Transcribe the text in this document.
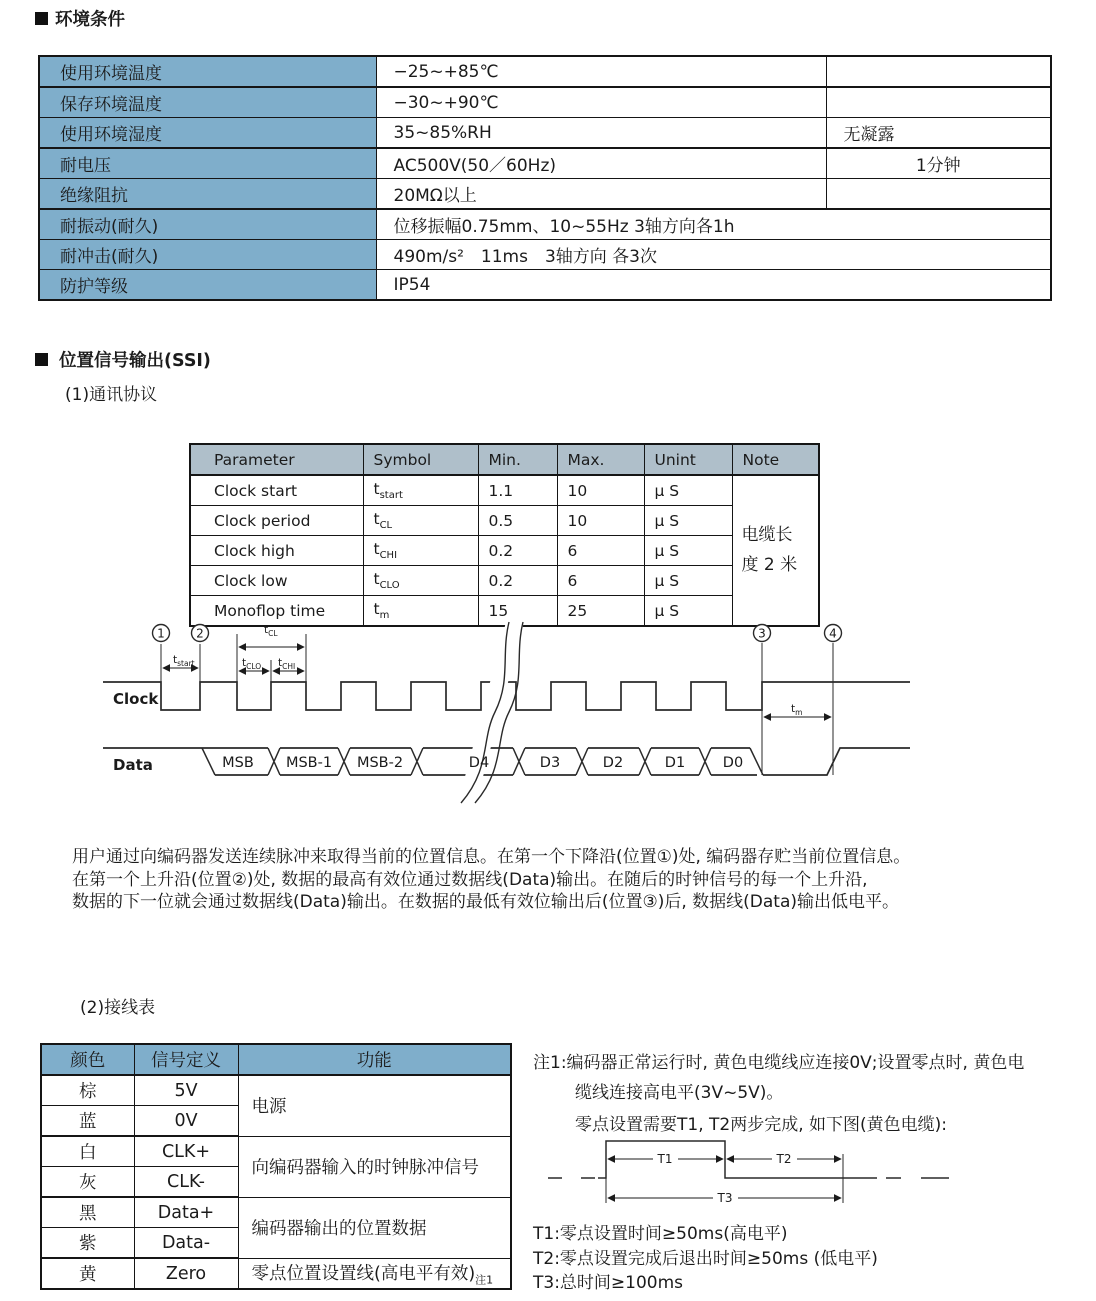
环境条件
使用环境温度	−25~+85℃	
保存环境温度	−30~+90℃	
使用环境湿度	35~85%RH	无凝露
耐电压	AC500V(50／60Hz)	1分钟
绝缘阻抗	20MΩ以上	
耐振动(耐久)	位移振幅0.75mm、10~55Hz 3轴方向各1h	
耐冲击(耐久)	490m/s²　11ms　3轴方向 各3次	
防护等级	IP54	
位置信号输出(SSI)
(1)通讯协议
Parameter	Symbol	Min.	Max.	Unint	Note
Clock start	$t_{start}$	1.1	10	μ S	电缆长度 2 米
Clock period	$t_{CL}$	0.5	10	μ S	
Clock high	$t_{CHI}$	0.2	6	μ S	
Clock low	$t_{CLO}$	0.2	6	μ S	
Monoflop time	$t_m$	15	25	μ S	
1	2	3	4
$t_{start}$
$t_{CL}$
$t_{CLO}$ $t_{CHI}$
$t_m$
Clock
Data	MSB MSB-1 MSB-2	D4	D3	D2	D1	D0
用户通过向编码器发送连续脉冲来取得当前的位置信息。在第一个下降沿(位置①)处, 编码器存贮当前位置信息。
在第一个上升沿(位置②)处, 数据的最高有效位通过数据线(Data)输出。在随后的时钟信号的每一个上升沿,
数据的下一位就会通过数据线(Data)输出。在数据的最低有效位输出后(位置③)后, 数据线(Data)输出低电平。
(2)接线表
颜色	信号定义	功能
棕	5V	电源
蓝	0V	
白	CLK+	向编码器输入的时钟脉冲信号
灰	CLK-	
黑	Data+	编码器输出的位置数据
紫	Data-	
黄	Zero	零点位置设置线(高电平有效)$_{注1}$
注1:编码器正常运行时, 黄色电缆线应连接0V;设置零点时, 黄色电
缆线连接高电平(3V~5V)。
零点设置需要T1, T2两步完成, 如下图(黄色电缆):
T1	T2
T3
T1:零点设置时间≥50ms(高电平)
T2:零点设置完成后退出时间≥50ms (低电平)
T3:总时间≥100ms
